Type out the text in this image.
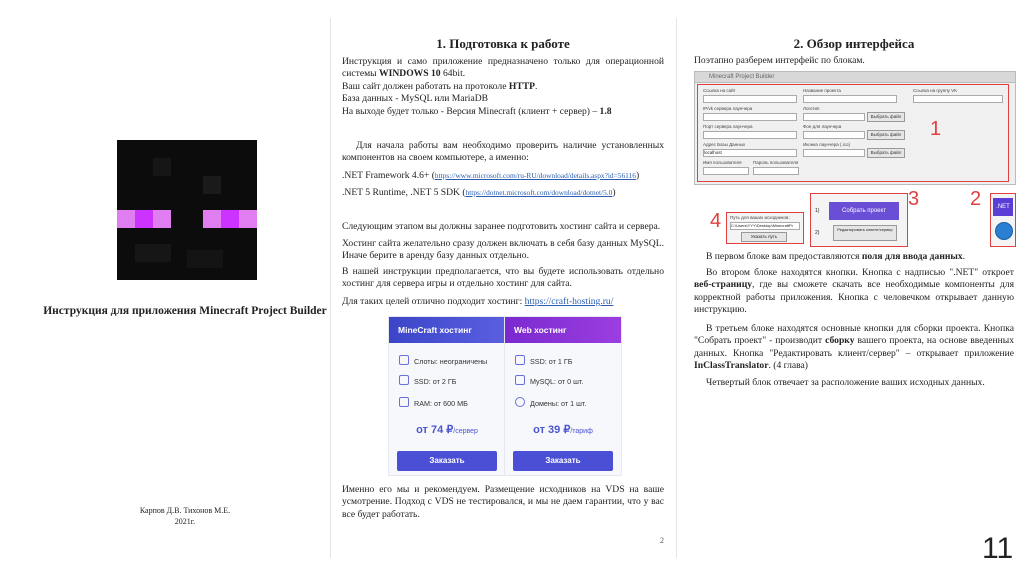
Инструкция для приложения Minecraft Project Builder
Карпов Д.В. Тихонов М.Е.
2021г.
1. Подготовка к работе
Инструкция и само приложение предназначено только для операционной системы WINDOWS 10 64bit.
Ваш сайт должен работать на протоколе HTTP.
База данных - MySQL или MariaDB
На выходе будет только - Версия Minecraft (клиент + сервер) – 1.8
Для начала работы вам необходимо проверить наличие установленных компонентов на своем компьютере, а именно:
.NET Framework 4.6+ (https://www.microsoft.com/ru-RU/download/details.aspx?id=56116)
.NET 5 Runtime, .NET 5 SDK (https://dotnet.microsoft.com/download/dotnet/5.0)
Следующим этапом вы должны заранее подготовить хостинг сайта и сервера.
Хостинг сайта желательно сразу должен включать в себя базу данных MySQL. Иначе берите в аренду базу данных отдельно.
В нашей инструкции предполагается, что вы будете использовать отдельно хостинг для сервера игры и отдельно хостинг для сайта.
Для таких целей отлично подходит хостинг: https://craft-hosting.ru/
MineCraft хостинг
Слоты: неограничены
SSD: от 2 ГБ
RAM: от 600 МБ
от 74 ₽/сервер
Заказать
Web хостинг
SSD: от 1 ГБ
MySQL: от 0 шт.
Домены: от 1 шт.
от 39 ₽/тариф
Заказать
Именно его мы и рекомендуем. Размещение исходников на VDS на ваше усмотрение. Подход с VDS не тестировался, и мы не даем гарантии, что у вас все будет работать.
2
2. Обзор интерфейса
Поэтапно разберем интерфейс по блокам.
Minecraft Project Builder
Ссылка на сайт	Название проекта	Ссылка на группу VK
IP/vk сервера лаунчера	Логотип
Выбрать файл
Порт сервера лаунчера	Фон для лаунчера
Выбрать файл
Адрес Базы Данных
localhost
Иконка лаунчера (.ico)
Выбрать файл
Имя пользователя	Пароль пользователя
1
4 Путь для ваших исходников:
C:\Users\YYY\Desktop\MinecraftPr
Указать путь
1)	Собрать проект
2)
Редактировать клиент/сервер
3	2	.NET
В первом блоке вам предоставляются поля для ввода данных.
Во втором блоке находятся кнопки. Кнопка с надписью ".NET" откроет веб-страницу, где вы сможете скачать все необходимые компоненты для корректной работы приложения. Кнопка с человечком открывает данную инструкцию.
В третьем блоке находятся основные кнопки для сборки проекта. Кнопка "Собрать проект" - производит сборку вашего проекта, на основе введенных данных. Кнопка "Редактировать клиент/сервер" – открывает приложение InClassTranslator. (4 глава)
Четвертый блок отвечает за расположение ваших исходных данных.
11
